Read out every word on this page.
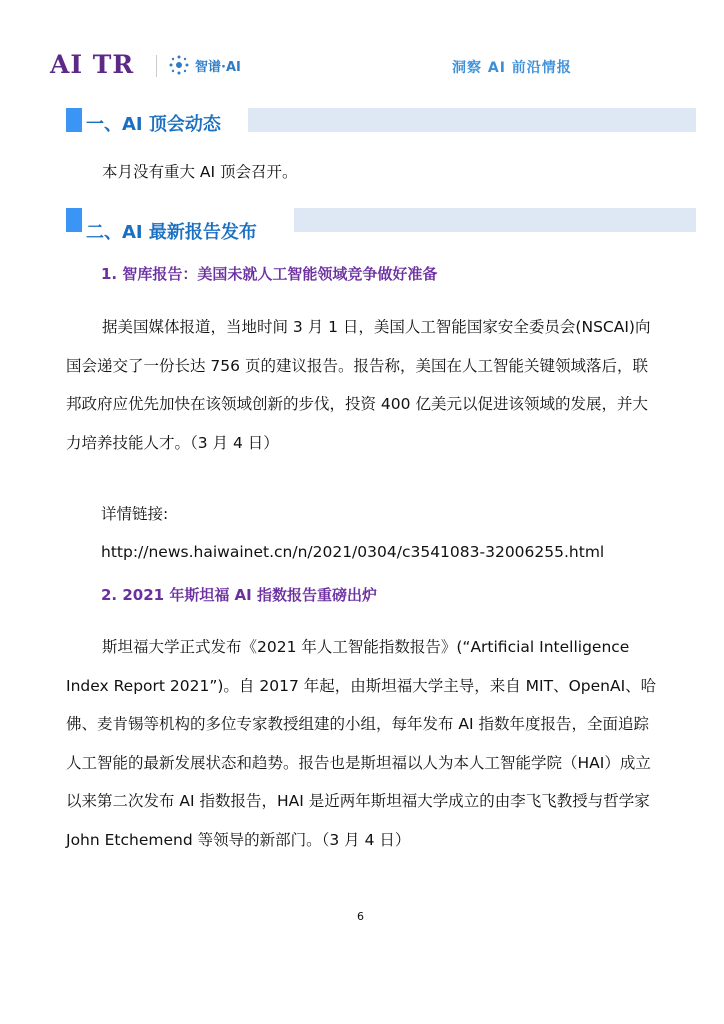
AI TR	智谱·AI	洞察 AI 前沿情报
一、AI 顶会动态
本月没有重大 AI 顶会召开。
二、AI 最新报告发布
1. 智库报告：美国未就人工智能领域竞争做好准备
据美国媒体报道，当地时间 3 月 1 日，美国人工智能国家安全委员会(NSCAI)向国会递交了一份长达 756 页的建议报告。报告称，美国在人工智能关键领域落后，联邦政府应优先加快在该领域创新的步伐，投资 400 亿美元以促进该领域的发展，并大力培养技能人才。（3 月 4 日）
详情链接:
http://news.haiwainet.cn/n/2021/0304/c3541083-32006255.html
2. 2021 年斯坦福 AI 指数报告重磅出炉
斯坦福大学正式发布《2021 年人工智能指数报告》(“Artificial Intelligence Index Report 2021”)。自 2017 年起，由斯坦福大学主导，来自 MIT、OpenAI、哈佛、麦肯锡等机构的多位专家教授组建的小组，每年发布 AI 指数年度报告，全面追踪人工智能的最新发展状态和趋势。报告也是斯坦福以人为本人工智能学院（HAI）成立以来第二次发布 AI 指数报告，HAI 是近两年斯坦福大学成立的由李飞飞教授与哲学家 John Etchemend 等领导的新部门。（3 月 4 日）
6
